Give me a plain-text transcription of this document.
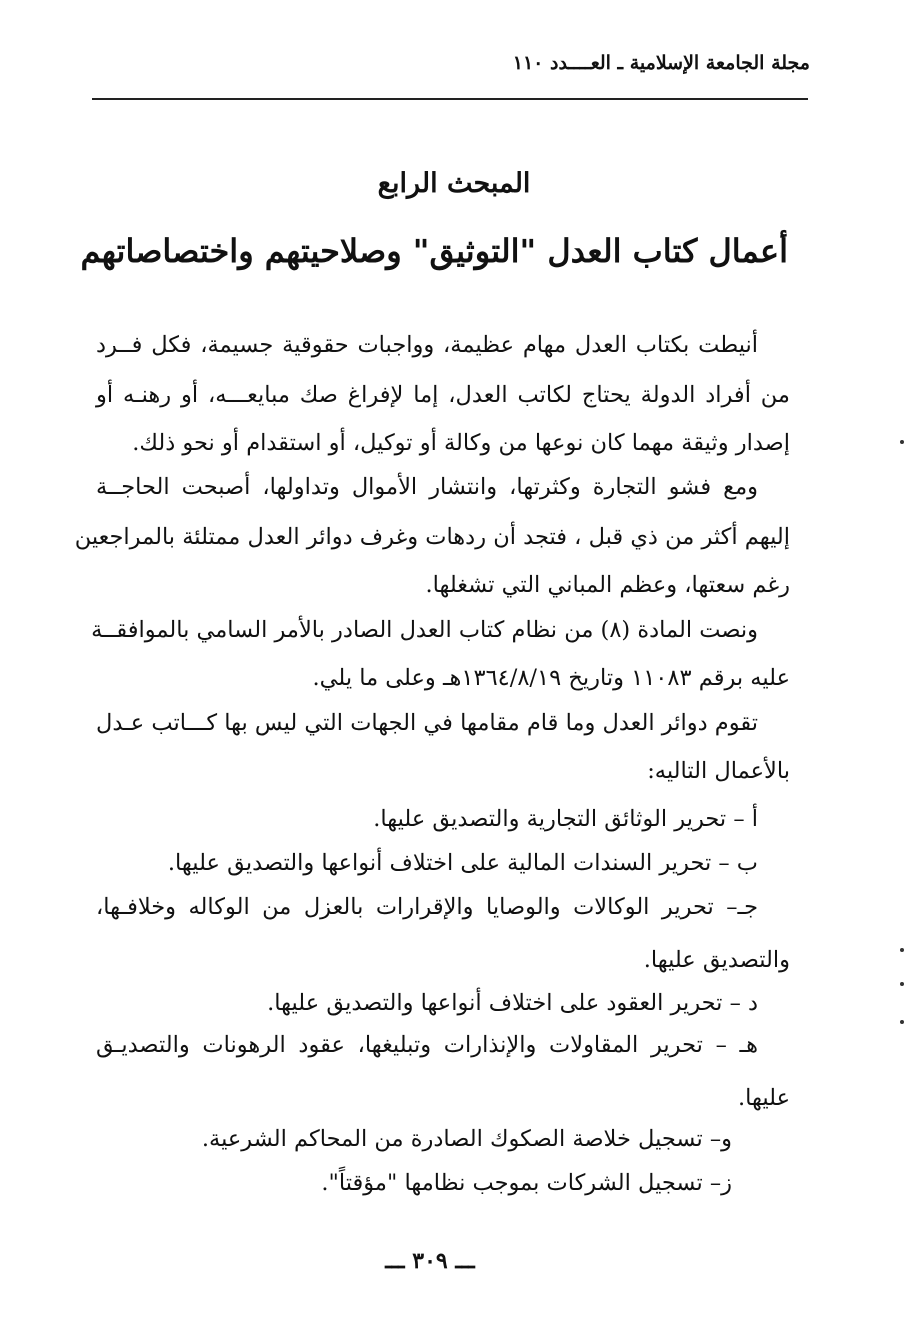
مجلة الجامعة الإسلامية ـ العــــدد ١١٠
المبحث الرابع
أعمال كتاب العدل "التوثيق" وصلاحيتهم واختصاصاتهم
أنيطت بكتاب العدل مهام عظيمة، وواجبات حقوقية جسيمة، فكل فــرد
من أفراد الدولة يحتاج لكاتب العدل، إما لإفراغ صك مبايعـــه، أو رهنـه أو
إصدار وثيقة مهما كان نوعها من وكالة أو توكيل، أو استقدام أو نحو ذلك.
ومع فشو التجارة وكثرتها، وانتشار الأموال وتداولها، أصبحت الحاجــة
إليهم أكثر من ذي قبل ، فتجد أن ردهات وغرف دوائر العدل ممتلئة بالمراجعين
رغم سعتها، وعظم المباني التي تشغلها.
ونصت المادة (٨) من نظام كتاب العدل الصادر بالأمر السامي بالموافقــة
عليه برقم ١١٠٨٣ وتاريخ ١٣٦٤/٨/١٩هـ وعلى ما يلي.
تقوم دوائر العدل وما قام مقامها في الجهات التي ليس بها كـــاتب عـدل
بالأعمال التاليه:
أ – تحرير الوثائق التجارية والتصديق عليها.
ب – تحرير السندات المالية على اختلاف أنواعها والتصديق عليها.
جـ– تحرير الوكالات والوصايا والإقرارات بالعزل من الوكاله وخلافـها،
والتصديق عليها.
د – تحرير العقود على اختلاف أنواعها والتصديق عليها.
هـ – تحرير المقاولات والإنذارات وتبليغها، عقود الرهونات والتصديـق
عليها.
و– تسجيل خلاصة الصكوك الصادرة من المحاكم الشرعية.
ز– تسجيل الشركات بموجب نظامها "مؤقتاً".
ـــ ٣٠٩ ـــ
